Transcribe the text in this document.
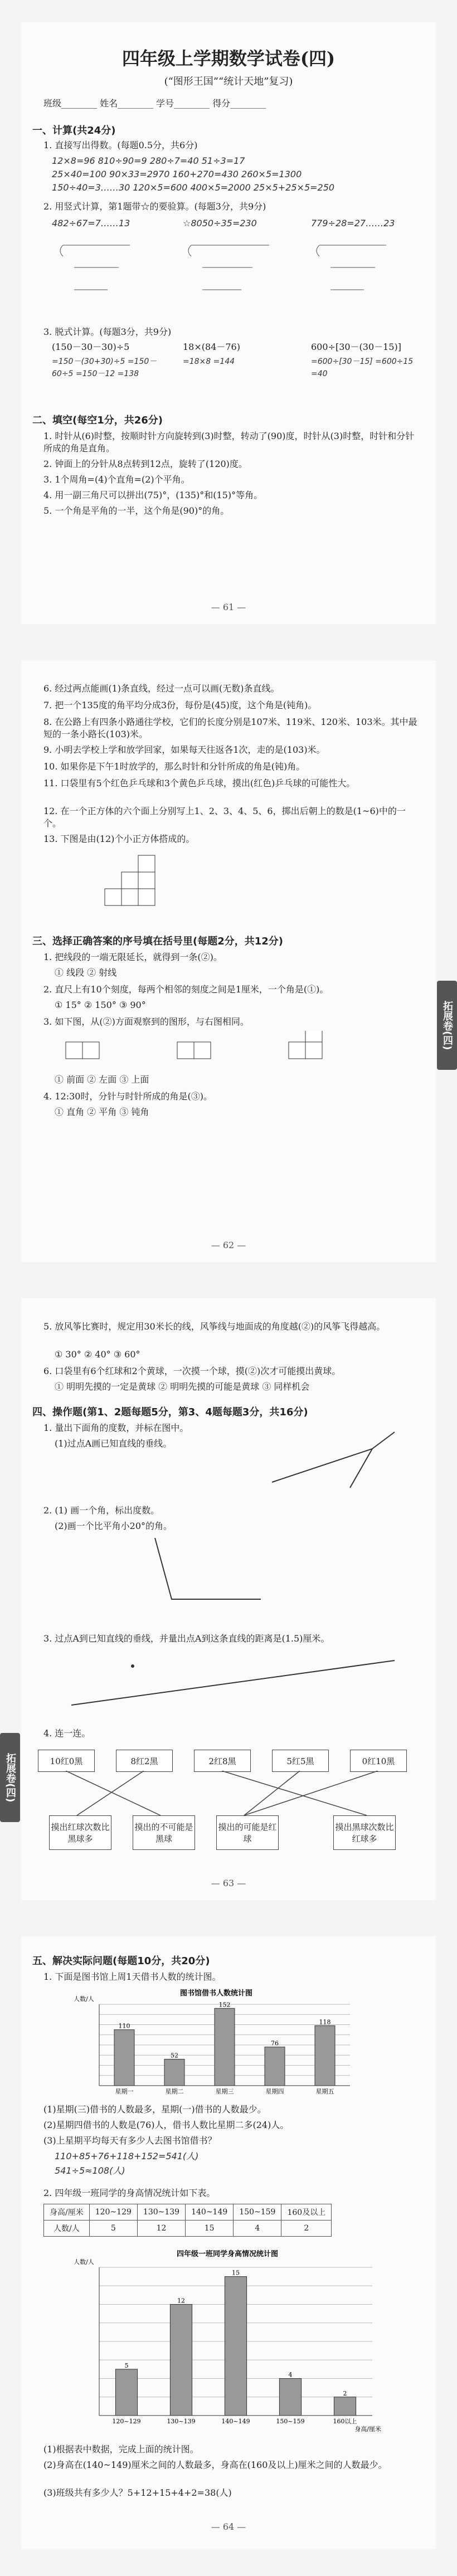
四年级上学期数学试卷(四)
(“图形王国”“统计天地”复习)
班级________ 姓名________ 学号________ 得分________
一、计算(共24分)
1. 直接写出得数。(每题0.5分，共6分)
12×8=96 810÷90=9 280÷7=40 51÷3=17
25×40=100 90×33=2970 160+270=430 260×5=1300
150÷40=3……30 120×5=600 400×5=2000 25×5+25×5=250
2. 用竖式计算，第1题带☆的要验算。(每题3分，共9分)
482÷67=7……13	☆8050÷35=230	779÷28=27……23
3. 脱式计算。(每题3分，共9分)
(150－30－30)÷5	18×(84－76)	600÷[30－(30－15)]
=150－(30+30)÷5 =150－60÷5 =150－12 =138
=18×8 =144	=600÷[30－15] =600÷15 =40
二、填空(每空1分，共26分)
1. 时针从(6)时整，按顺时针方向旋转到(3)时整，转动了(90)度，时针从(3)时整，时针和分针所成的角是直角。
2. 钟面上的分针从8点转到12点，旋转了(120)度。
3. 1个周角=(4)个直角=(2)个平角。
4. 用一副三角尺可以拼出(75)°，(135)°和(15)°等角。
5. 一个角是平角的一半，这个角是(90)°的角。
— 61 —
6. 经过两点能画(1)条直线，经过一点可以画(无数)条直线。
7. 把一个135度的角平均分成3份，每份是(45)度，这个角是(钝角)。
8. 在公路上有四条小路通往学校，它们的长度分别是107米、119米、120米、103米。其中最短的一条小路长(103)米。
9. 小明去学校上学和放学回家，如果每天往返各1次，走的是(103)米。
10. 如果你是下午1时放学的，那么时针和分针所成的角是(钝)角。
11. 口袋里有5个红色乒乓球和3个黄色乒乓球，摸出(红色)乒乓球的可能性大。
12. 在一个正方体的六个面上分别写上1、2、3、4、5、6，掷出后朝上的数是(1~6)中的一个。
13. 下图是由(12)个小正方体搭成的。
三、选择正确答案的序号填在括号里(每题2分，共12分)
1. 把线段的一端无限延长，就得到一条(②)。
① 线段 ② 射线
2. 直尺上有10个刻度，每两个相邻的刻度之间是1厘米，一个角是(①)。
① 15° ② 150° ③ 90°
3. 如下图，从(②)方面观察到的图形，与右图相同。
① 前面 ② 左面 ③ 上面
4. 12:30时，分针与时针所成的角是(③)。
① 直角 ② 平角 ③ 钝角
— 62 —
拓展卷(四)
5. 放风筝比赛时，规定用30米长的线，风筝线与地面成的角度越(②)的风筝飞得越高。
① 30° ② 40° ③ 60°
6. 口袋里有6个红球和2个黄球，一次摸一个球，摸(②)次才可能摸出黄球。
① 明明先摸的一定是黄球 ② 明明先摸的可能是黄球 ③ 同样机会
四、操作题(第1、2题每题5分，第3、4题每题3分，共16分)
1. 量出下面角的度数，并标在图中。
(1)过点A画已知直线的垂线。
2. (1) 画一个角，标出度数。
(2)画一个比平角小20°的角。
3. 过点A到已知直线的垂线，并量出点A到这条直线的距离是(1.5)厘米。
4. 连一连。
10红0黑	8红2黑	2红8黑	5红5黑	0红10黑
摸出红球次数比黑球多
摸出的不可能是黑球
摸出的可能是红球
摸出黑球次数比红球多
— 63 —
拓展卷(四)
五、解决实际问题(每题10分，共20分)
1. 下面是图书馆上周1天借书人数的统计图。
图书馆借书人数统计图
人数/人
110
星期一
52
星期二
152
星期三
76
星期四
118
星期五
(1)星期(三)借书的人数最多，星期(一)借书的人数最少。
(2)星期四借书的人数是(76)人，借书人数比星期二多(24)人。
(3)上星期平均每天有多少人去图书馆借书？
110+85+76+118+152=541(人)
541÷5≈108(人)
2. 四年级一班同学的身高情况统计如下表。
身高/厘米	120~129	130~139	140~149	150~159	160及以上
人数/人	5	12	15	4	2
四年级一班同学身高情况统计图
人数/人
5
120~129
12
130~139
15
140~149
4
150~159
2
160以上
身高/厘米
(1)根据表中数据，完成上面的统计图。
(2)身高在(140~149)厘米之间的人数最多，身高在(160及以上)厘米之间的人数最少。
(3)班级共有多少人？5+12+15+4+2=38(人)
— 64 —
